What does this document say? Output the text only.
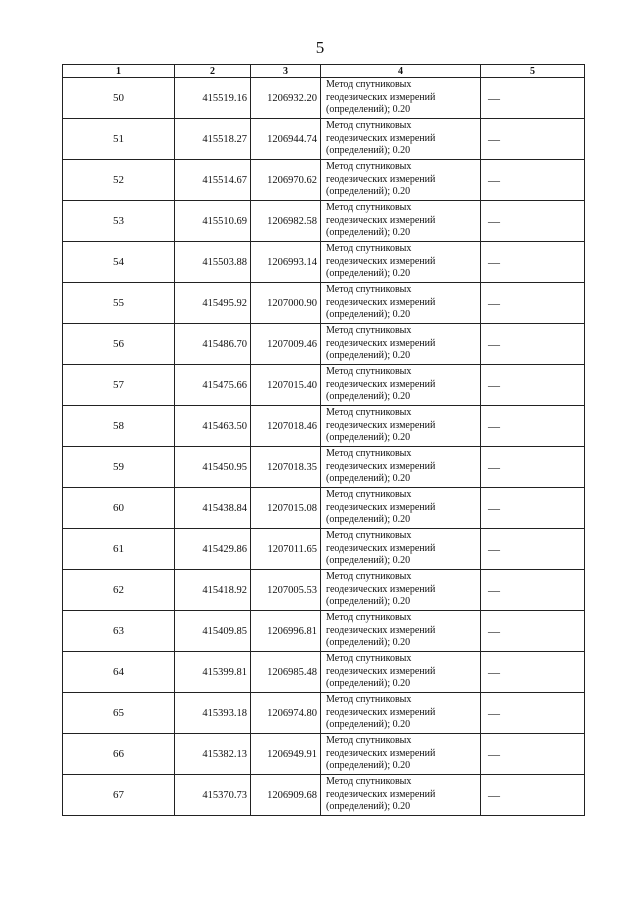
5
1	2	3	4	5
50	415519.16	1206932.20	Метод спутниковых
геодезических измерений
(определений); 0.20	—
51	415518.27	1206944.74	Метод спутниковых
геодезических измерений
(определений); 0.20	—
52	415514.67	1206970.62	Метод спутниковых
геодезических измерений
(определений); 0.20	—
53	415510.69	1206982.58	Метод спутниковых
геодезических измерений
(определений); 0.20	—
54	415503.88	1206993.14	Метод спутниковых
геодезических измерений
(определений); 0.20	—
55	415495.92	1207000.90	Метод спутниковых
геодезических измерений
(определений); 0.20	—
56	415486.70	1207009.46	Метод спутниковых
геодезических измерений
(определений); 0.20	—
57	415475.66	1207015.40	Метод спутниковых
геодезических измерений
(определений); 0.20	—
58	415463.50	1207018.46	Метод спутниковых
геодезических измерений
(определений); 0.20	—
59	415450.95	1207018.35	Метод спутниковых
геодезических измерений
(определений); 0.20	—
60	415438.84	1207015.08	Метод спутниковых
геодезических измерений
(определений); 0.20	—
61	415429.86	1207011.65	Метод спутниковых
геодезических измерений
(определений); 0.20	—
62	415418.92	1207005.53	Метод спутниковых
геодезических измерений
(определений); 0.20	—
63	415409.85	1206996.81	Метод спутниковых
геодезических измерений
(определений); 0.20	—
64	415399.81	1206985.48	Метод спутниковых
геодезических измерений
(определений); 0.20	—
65	415393.18	1206974.80	Метод спутниковых
геодезических измерений
(определений); 0.20	—
66	415382.13	1206949.91	Метод спутниковых
геодезических измерений
(определений); 0.20	—
67	415370.73	1206909.68	Метод спутниковых
геодезических измерений
(определений); 0.20	—
